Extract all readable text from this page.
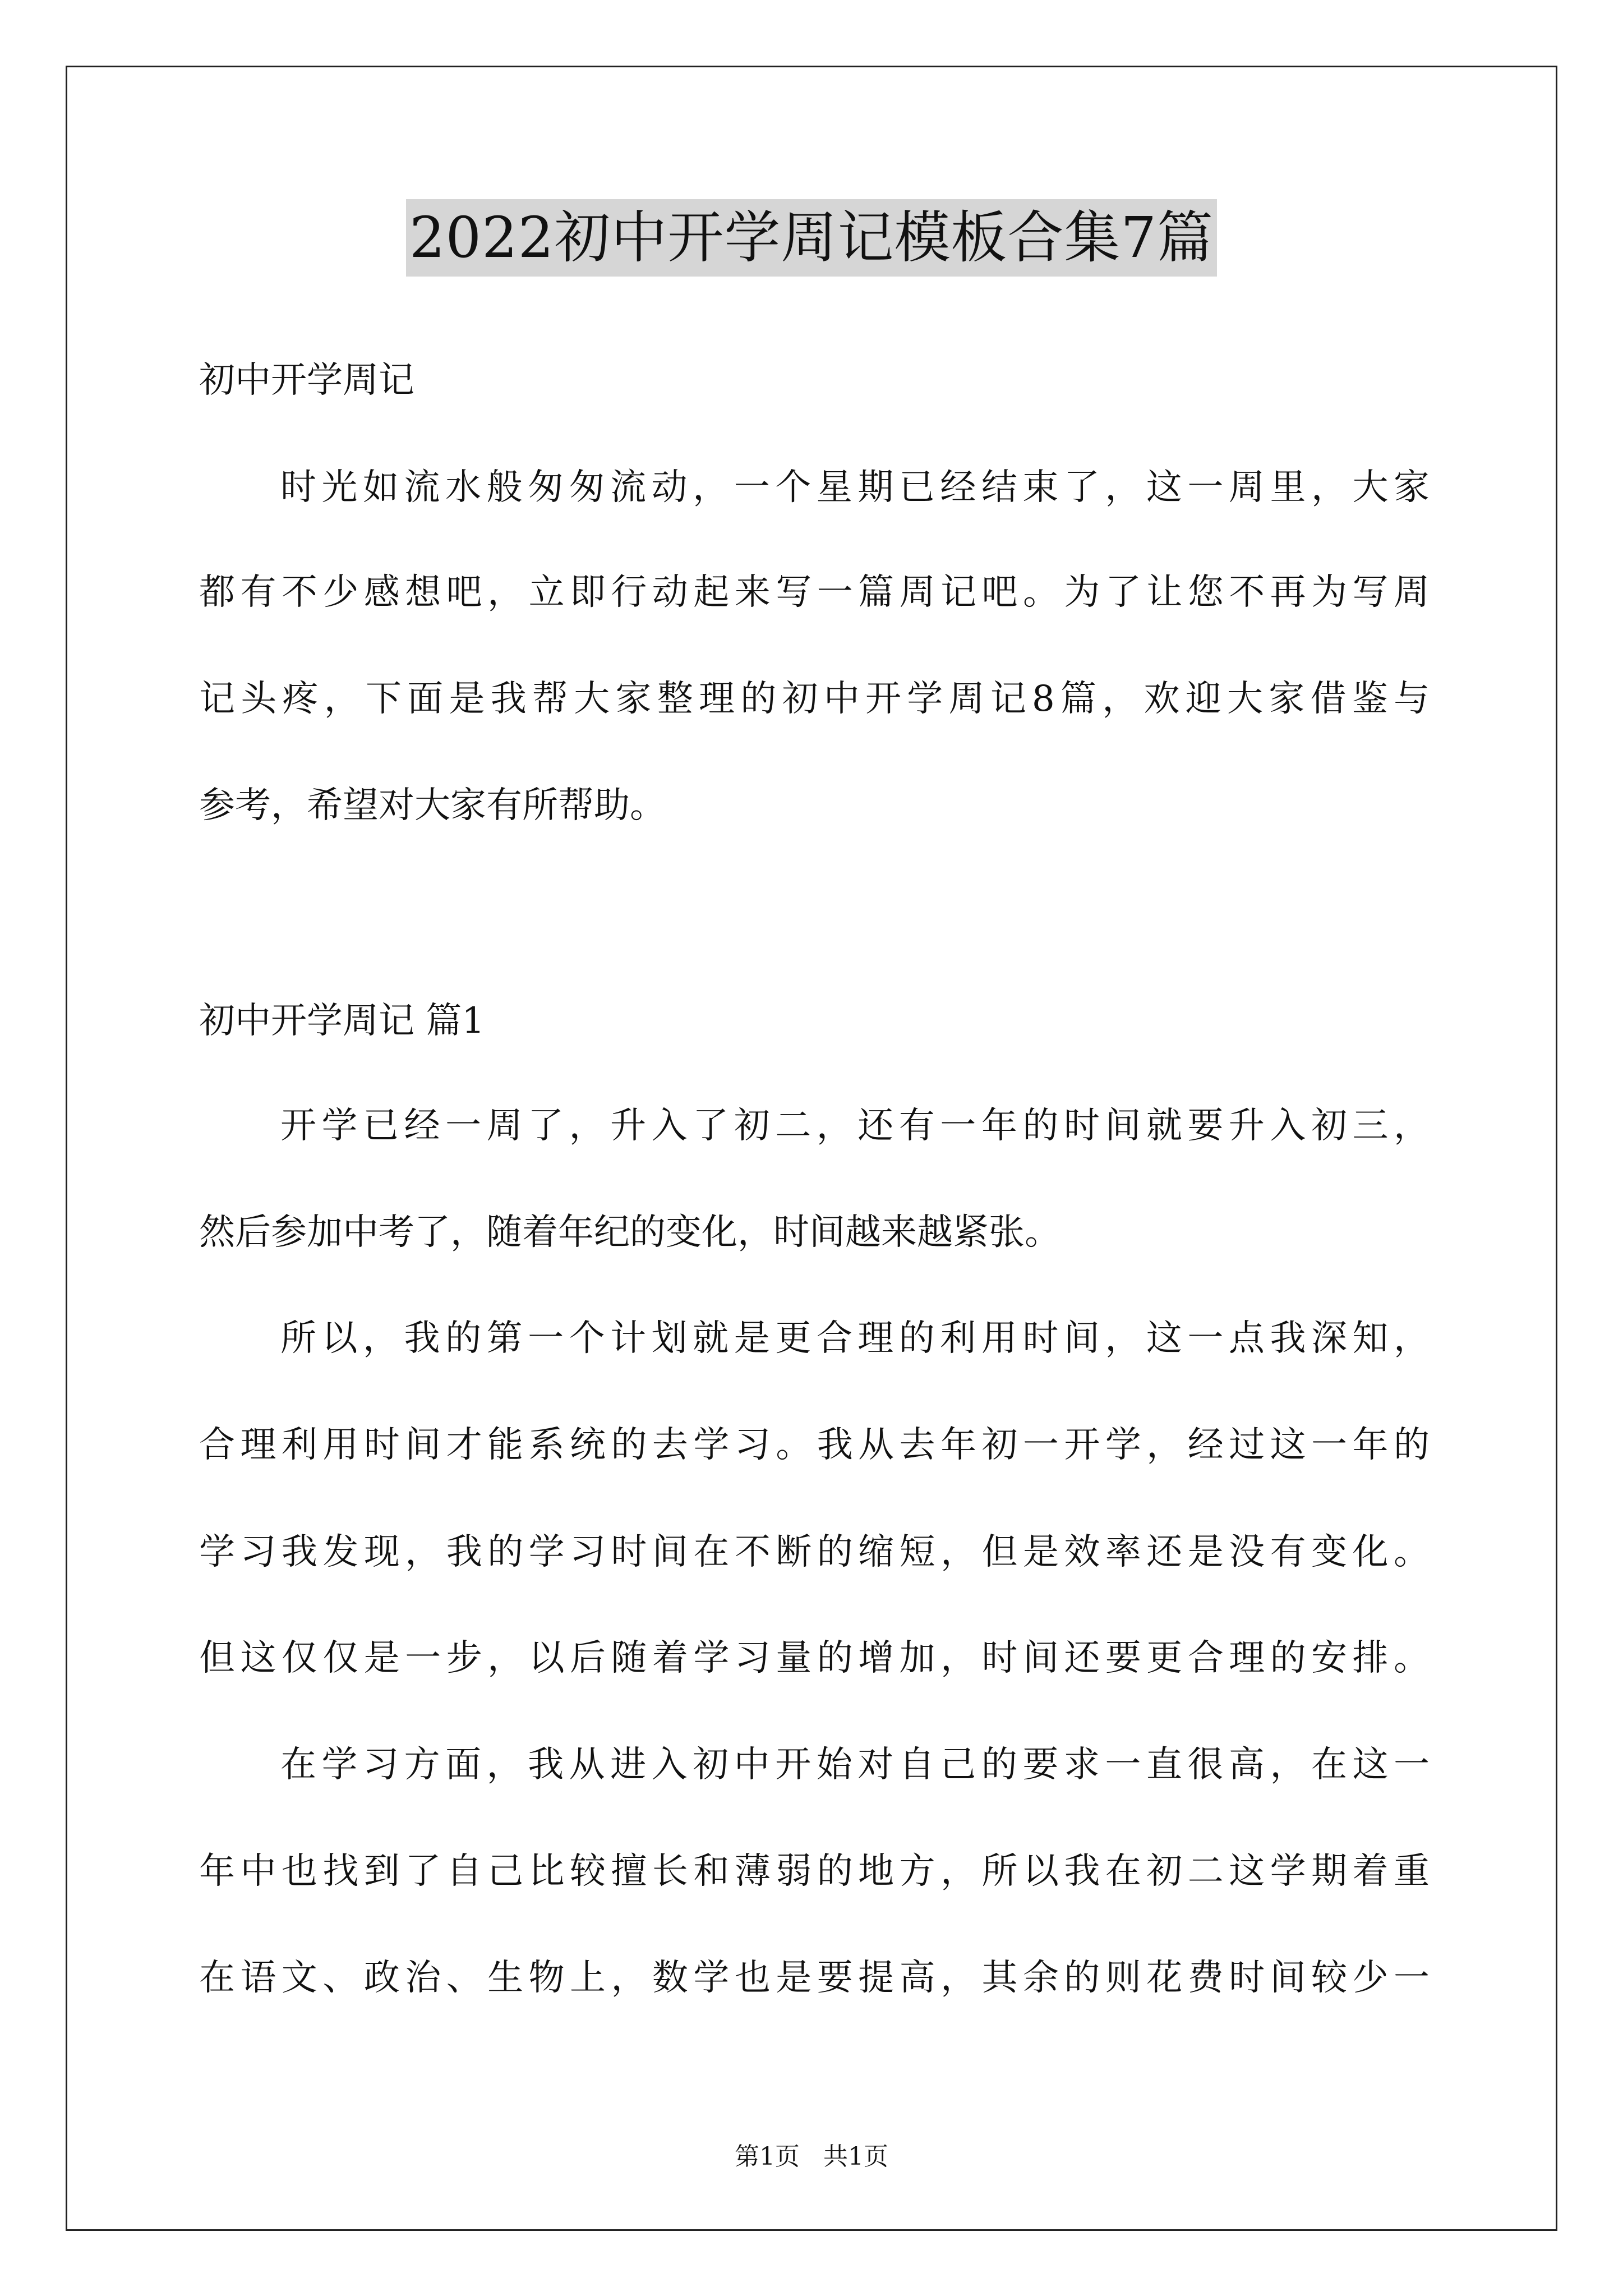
2022初中开学周记模板合集7篇
初中开学周记
时光如流水般匆匆流动，一个星期已经结束了，这一周里，大家
都有不少感想吧，立即行动起来写一篇周记吧。为了让您不再为写周
记头疼，下面是我帮大家整理的初中开学周记8篇，欢迎大家借鉴与
参考，希望对大家有所帮助。
初中开学周记 篇1
开学已经一周了，升入了初二，还有一年的时间就要升入初三，
然后参加中考了，随着年纪的变化，时间越来越紧张。
所以，我的第一个计划就是更合理的利用时间，这一点我深知，
合理利用时间才能系统的去学习。我从去年初一开学，经过这一年的
学习我发现，我的学习时间在不断的缩短，但是效率还是没有变化。
但这仅仅是一步，以后随着学习量的增加，时间还要更合理的安排。
在学习方面，我从进入初中开始对自己的要求一直很高，在这一
年中也找到了自己比较擅长和薄弱的地方，所以我在初二这学期着重
在语文、政治、生物上，数学也是要提高，其余的则花费时间较少一
第1页   共1页
